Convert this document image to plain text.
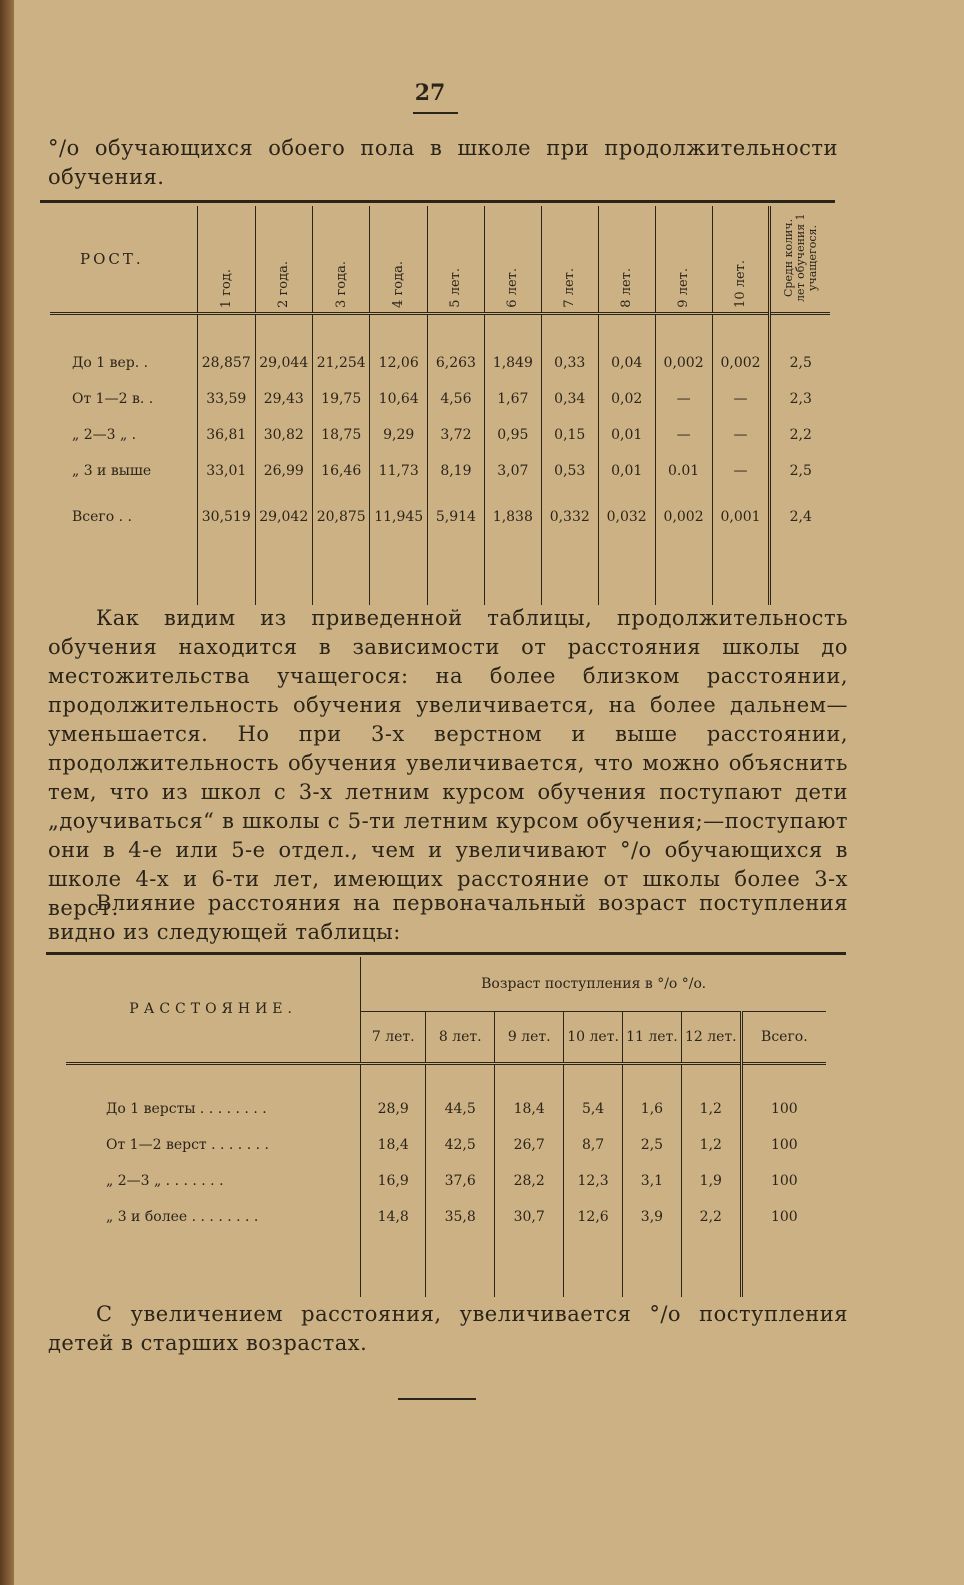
27
°/o обучающихся обоего пола в школе при продолжительности обучения.
РОСТ.	1 год.	2 года.	3 года.	4 года.	5 лет.	6 лет.	7 лет.	8 лет.	9 лет.	10 лет.	Средн колич. лет обучения 1 учащегося.

До 1 вер. .	28,857	29,044	21,254	12,06	6,263	1,849	0,33	0,04	0,002	0,002	2,5
От 1—2 в. .	33,59	29,43	19,75	10,64	4,56	1,67	0,34	0,02	—	—	2,3
„ 2—3 „ .	36,81	30,82	18,75	9,29	3,72	0,95	0,15	0,01	—	—	2,2
„ 3 и выше	33,01	26,99	16,46	11,73	8,19	3,07	0,53	0,01	0.01	—	2,5
Всего . .	30,519	29,042	20,875	11,945	5,914	1,838	0,332	0,032	0,002	0,001	2,4

Как видим из приведенной таблицы, продолжительность обучения находится в зависимости от расстояния школы до местожительства учащегося: на более близком расстоянии, продолжительность обучения увеличивается, на более дальнем—уменьшается. Но при 3-х верстном и выше расстоянии, продолжительность обучения увеличивается, что можно объяснить тем, что из школ с 3-х летним курсом обучения поступают дети „доучиваться“ в школы с 5-ти летним курсом обучения;—поступают они в 4-е или 5-е отдел., чем и увеличивают °/o обучающихся в школе 4-х и 6-ти лет, имеющих расстояние от школы более 3-х верст.
Влияние расстояния на первоначальный возраст поступления видно из следующей таблицы:
РАССТОЯНИЕ.	Возраст поступления в °/o °/o.						
	7 лет.	8 лет.	9 лет.	10 лет.	11 лет.	12 лет.	Всего.

До 1 версты . . . . . . . .	28,9	44,5	18,4	5,4	1,6	1,2	100
От 1—2 верст . . . . . . .	18,4	42,5	26,7	8,7	2,5	1,2	100
„ 2—3 „ . . . . . . .	16,9	37,6	28,2	12,3	3,1	1,9	100
„ 3 и более . . . . . . . .	14,8	35,8	30,7	12,6	3,9	2,2	100

С увеличением расстояния, увеличивается °/o поступления детей в старших возрастах.
